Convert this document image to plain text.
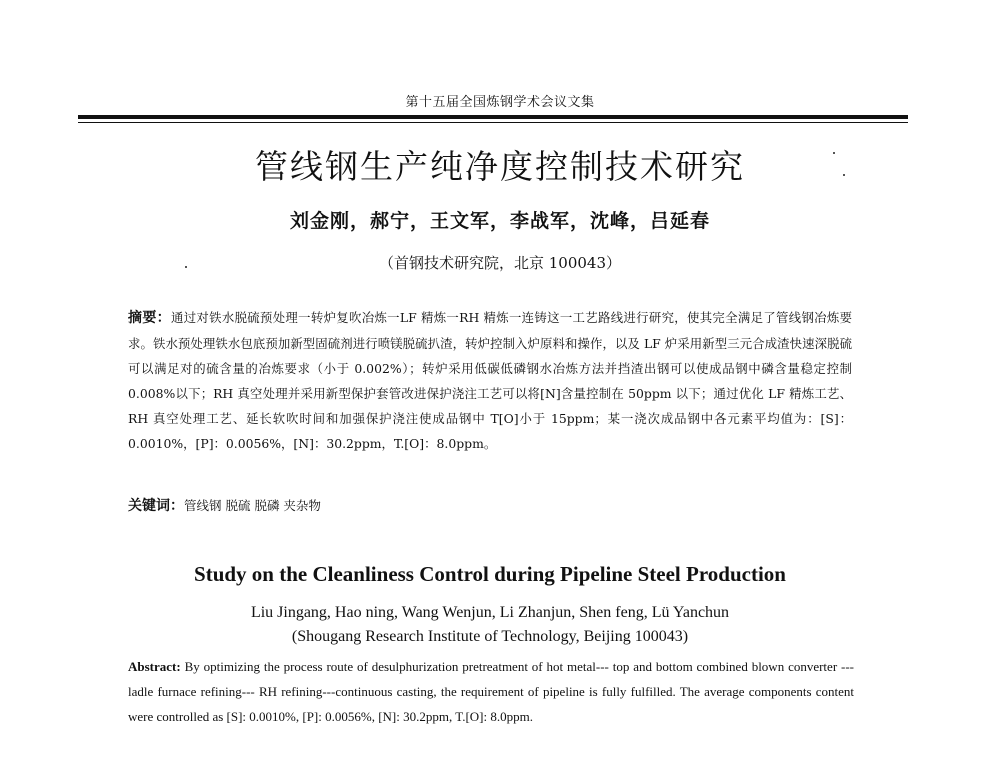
第十五届全国炼钢学术会议文集
管线钢生产纯净度控制技术研究
刘金刚，郝宁，王文军，李战军，沈峰，吕延春
（首钢技术研究院，北京 100043）
摘要：通过对铁水脱硫预处理一转炉复吹冶炼一LF 精炼一RH 精炼一连铸这一工艺路线进行研究，使其完全满足了管线钢冶炼要求。铁水预处理铁水包底预加新型固硫剂进行喷镁脱硫扒渣，转炉控制入炉原料和操作，以及 LF 炉采用新型三元合成渣快速深脱硫可以满足对的硫含量的冶炼要求（小于 0.002%）；转炉采用低碳低磷钢水冶炼方法并挡渣出钢可以使成品钢中磷含量稳定控制 0.008%以下；RH 真空处理并采用新型保护套管改进保护浇注工艺可以将[N]含量控制在 50ppm 以下；通过优化 LF 精炼工艺、RH 真空处理工艺、延长软吹时间和加强保护浇注使成品钢中 T[O]小于 15ppm；某一浇次成品钢中各元素平均值为：[S]：0.0010%，[P]：0.0056%，[N]：30.2ppm，T.[O]：8.0ppm。
关键词：管线钢 脱硫 脱磷 夹杂物
Study on the Cleanliness Control during Pipeline Steel Production
Liu Jingang, Hao ning, Wang Wenjun, Li Zhanjun, Shen feng, Lü Yanchun
(Shougang Research Institute of Technology, Beijing 100043)
Abstract: By optimizing the process route of desulphurization pretreatment of hot metal--- top and bottom combined blown converter --- ladle furnace refining--- RH refining---continuous casting, the requirement of pipeline is fully fulfilled. The average components content were controlled as [S]: 0.0010%, [P]: 0.0056%, [N]: 30.2ppm, T.[O]: 8.0ppm.
